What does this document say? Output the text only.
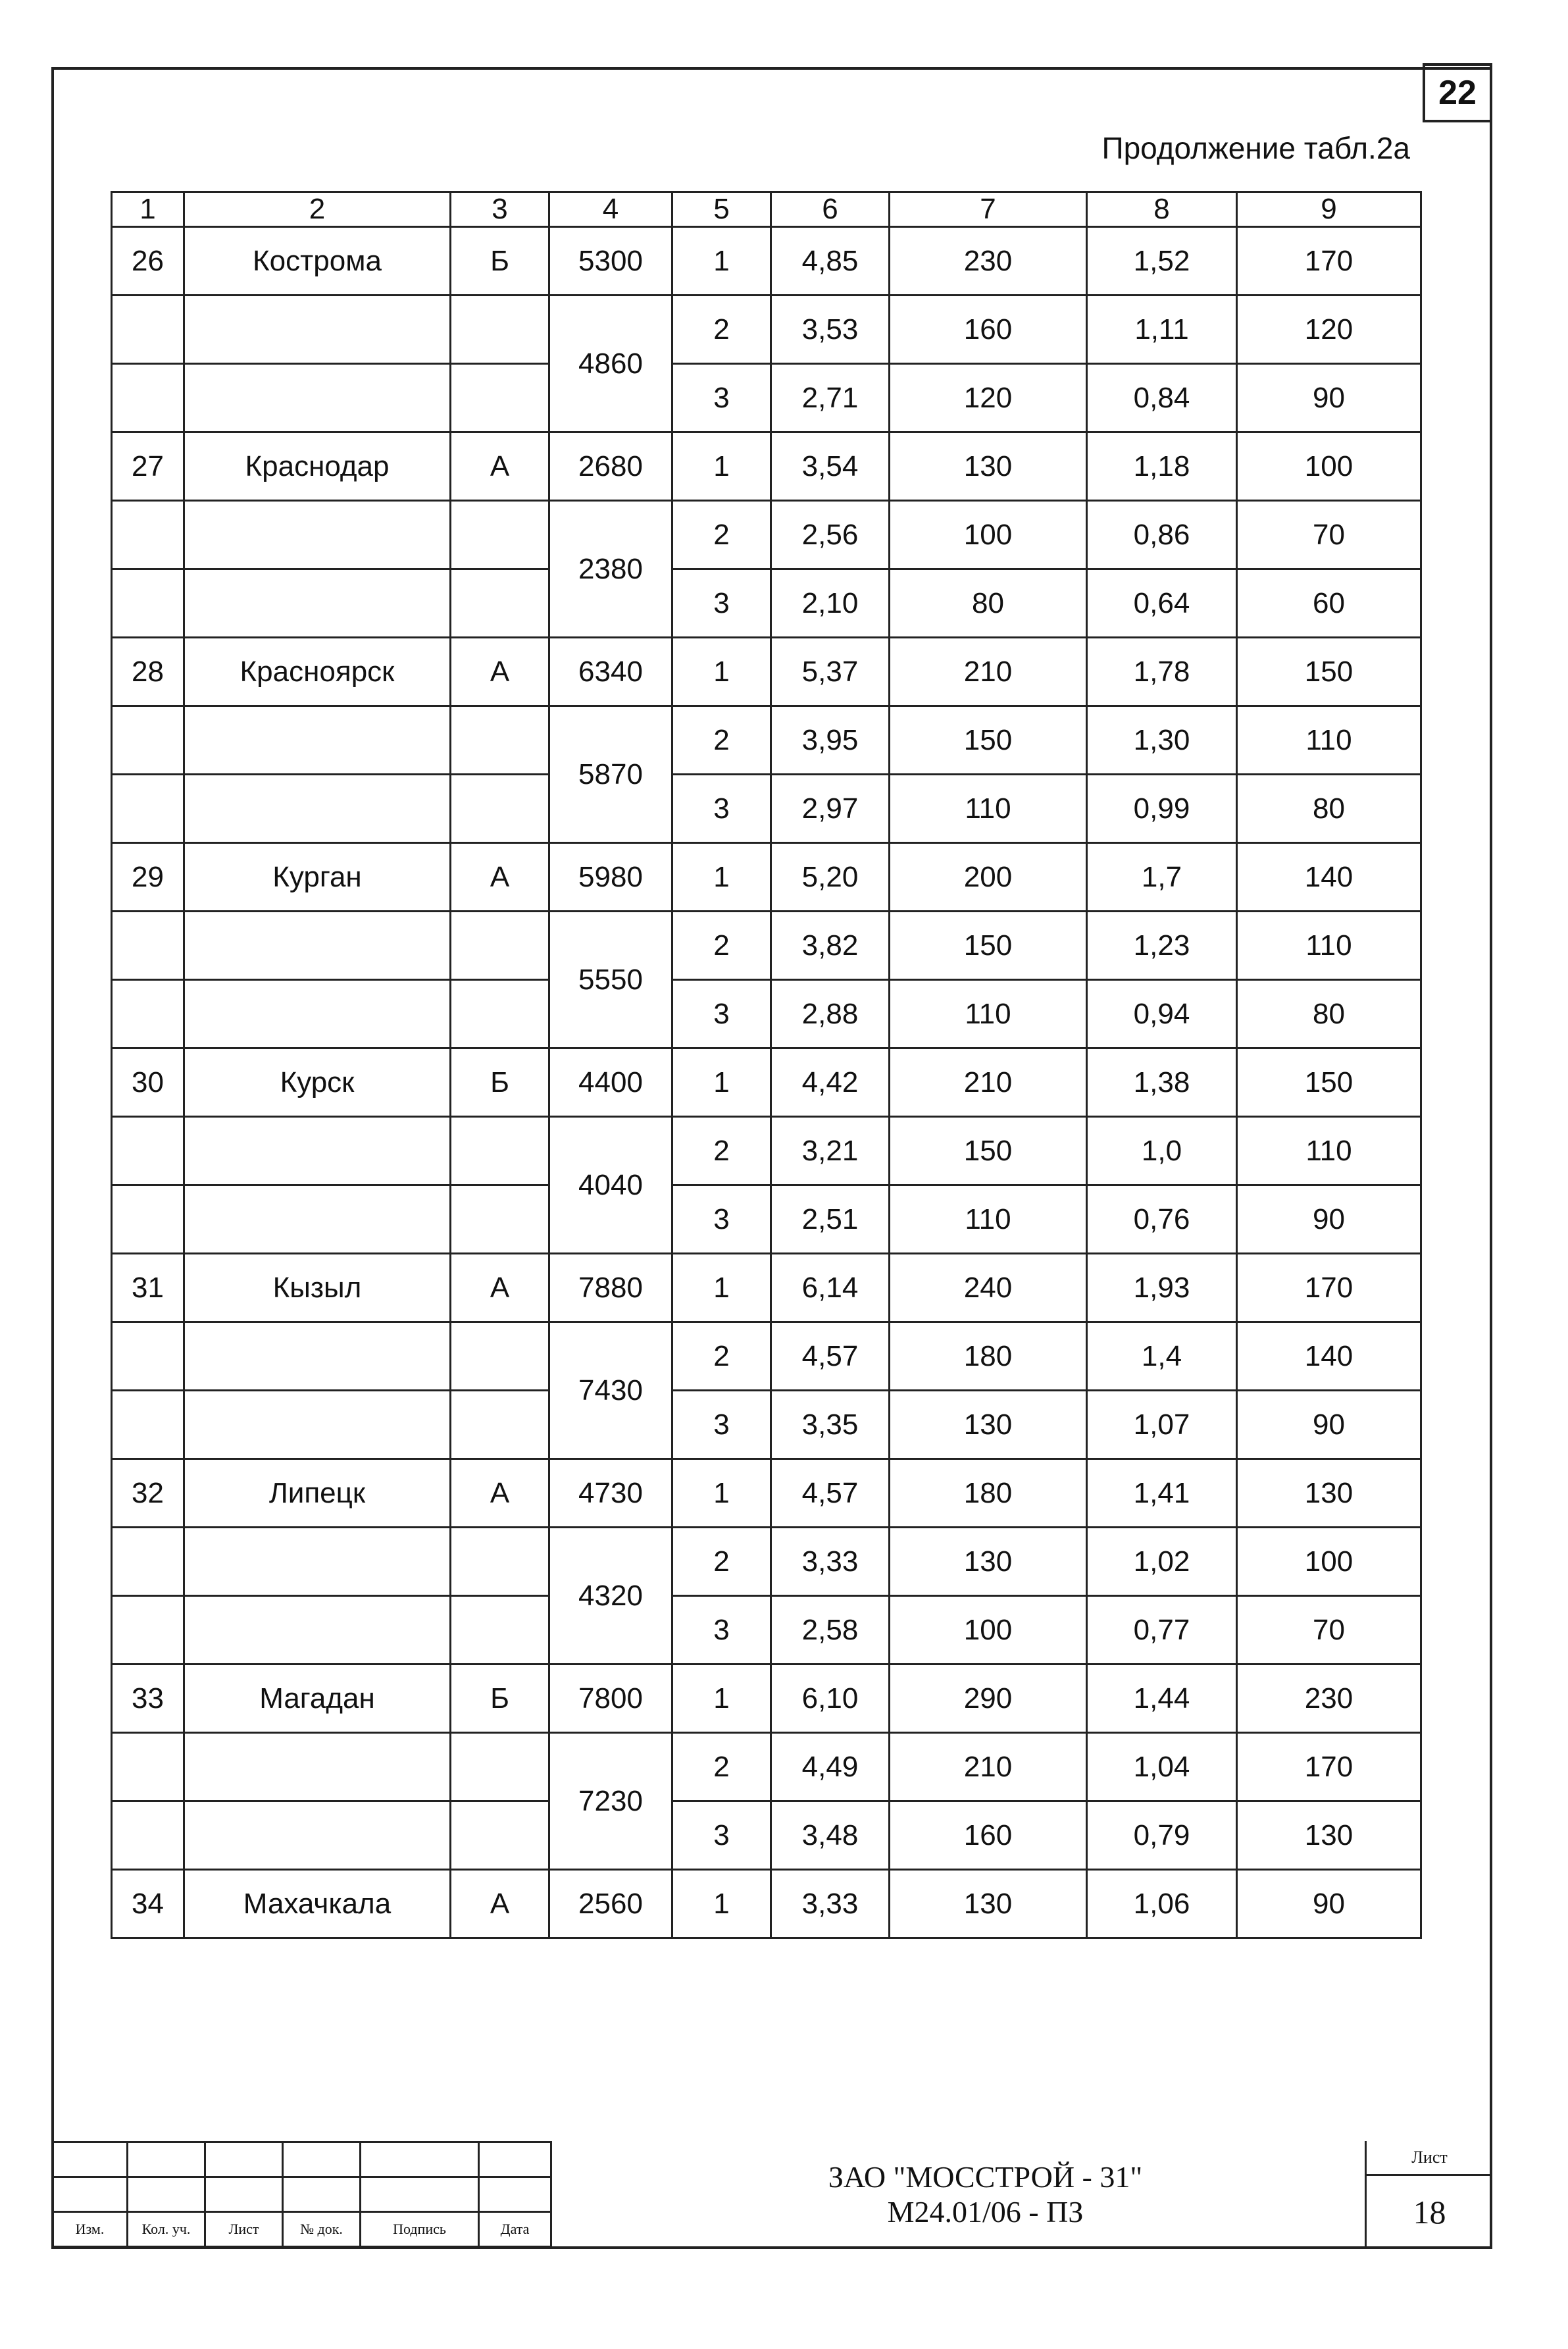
22
Продолжение табл.2а
1	2	3	4	5	6	7	8	9
26	Кострома	Б	5300	1	4,85	230	1,52	170
			4860	2	3,53	160	1,11	120
				3	2,71	120	0,84	90
27	Краснодар	А	2680	1	3,54	130	1,18	100
			2380	2	2,56	100	0,86	70
				3	2,10	80	0,64	60
28	Красноярск	А	6340	1	5,37	210	1,78	150
			5870	2	3,95	150	1,30	110
				3	2,97	110	0,99	80
29	Курган	А	5980	1	5,20	200	1,7	140
			5550	2	3,82	150	1,23	110
				3	2,88	110	0,94	80
30	Курск	Б	4400	1	4,42	210	1,38	150
			4040	2	3,21	150	1,0	110
				3	2,51	110	0,76	90
31	Кызыл	А	7880	1	6,14	240	1,93	170
			7430	2	4,57	180	1,4	140
				3	3,35	130	1,07	90
32	Липецк	А	4730	1	4,57	180	1,41	130
			4320	2	3,33	130	1,02	100
				3	2,58	100	0,77	70
33	Магадан	Б	7800	1	6,10	290	1,44	230
			7230	2	4,49	210	1,04	170
				3	3,48	160	0,79	130
34	Махачкала	А	2560	1	3,33	130	1,06	90

Изм.	Кол. уч.	Лист	№ док.	Подпись	Дата
ЗАО "МОССТРОЙ - 31"
М24.01/06 - ПЗ
Лист
18
